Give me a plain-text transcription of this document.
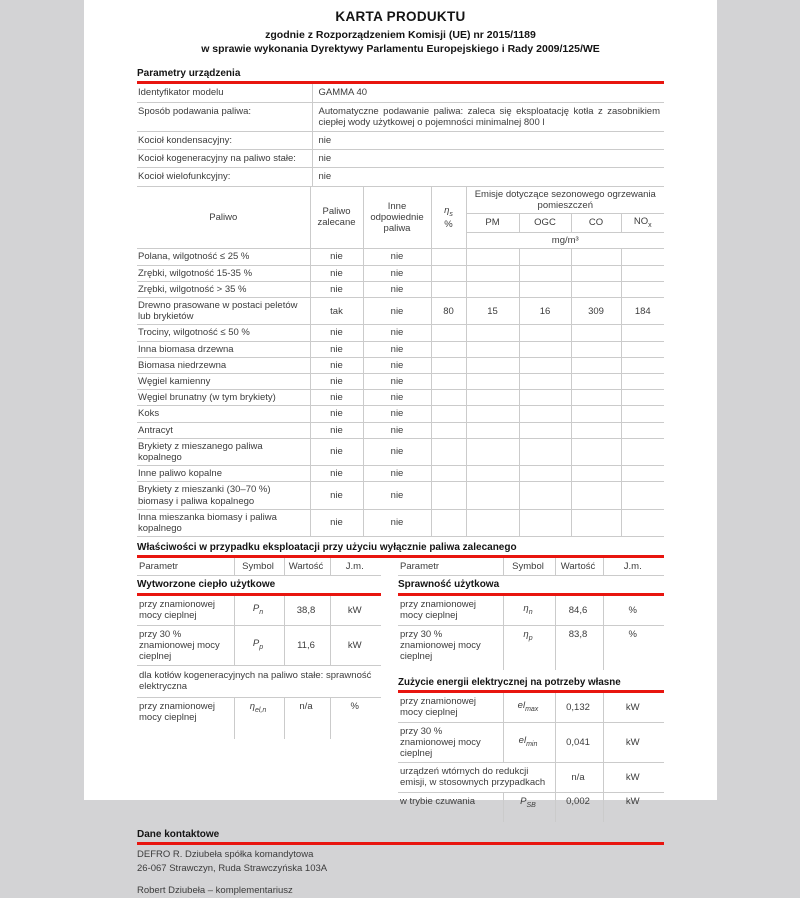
KARTA PRODUKTU
zgodnie z Rozporządzeniem Komisji (UE) nr 2015/1189
w sprawie wykonania Dyrektywy Parlamentu Europejskiego i Rady 2009/125/WE
Parametry urządzenia
Identyfikator modelu	GAMMA 40
Sposób podawania paliwa:	Automatyczne podawanie paliwa: zaleca się eksploatację kotła z zasobnikiem ciepłej wody użytkowej o pojemności minimalnej 800 l
Kocioł kondensacyjny:	nie
Kocioł kogeneracyjny na paliwo stałe:	nie
Kocioł wielofunkcyjny:	nie
Paliwo	Paliwo zalecane	Inne odpowiednie paliwa	$\eta_s$
%	Emisje dotyczące sezonowego ogrzewania pomieszczeń			
				PM	OGC	CO	$NO_x$
				mg/m³			
Polana, wilgotność ≤ 25 %	nie	nie					
Zrębki, wilgotność 15-35 %	nie	nie					
Zrębki, wilgotność > 35 %	nie	nie					
Drewno prasowane w postaci peletów lub brykietów	tak	nie	80	15	16	309	184
Trociny, wilgotność ≤ 50 %	nie	nie					
Inna biomasa drzewna	nie	nie					
Biomasa niedrzewna	nie	nie					
Węgiel kamienny	nie	nie					
Węgiel brunatny (w tym brykiety)	nie	nie					
Koks	nie	nie					
Antracyt	nie	nie					
Brykiety z mieszanego paliwa kopalnego	nie	nie					
Inne paliwo kopalne	nie	nie					
Brykiety z mieszanki (30–70 %) biomasy i paliwa kopalnego	nie	nie					
Inna mieszanka biomasy i paliwa kopalnego	nie	nie					
Właściwości w przypadku eksploatacji przy użyciu wyłącznie paliwa zalecanego
Parametr	Symbol	Wartość	J.m.
Wytworzone ciepło użytkowe			
przy znamionowej mocy cieplnej	$P_n$	38,8	kW
przy 30 % znamionowej mocy cieplnej	$P_p$	11,6	kW
dla kotłów kogeneracyjnych na paliwo stałe: sprawność elektryczna			
przy znamionowej mocy cieplnej	$\eta_{el,n}$	n/a	%
Parametr	Symbol	Wartość	J.m.
Sprawność użytkowa			
przy znamionowej mocy cieplnej	$\eta_n$	84,6	%
przy 30 % znamionowej mocy cieplnej	$\eta_p$	83,8	%
Zużycie energii elektrycznej na potrzeby własne
przy znamionowej mocy cieplnej	$el_{max}$	0,132	kW
przy 30 % znamionowej mocy cieplnej	$el_{min}$	0,041	kW
urządzeń wtórnych do redukcji emisji, w stosownych przypadkach		n/a	kW
w trybie czuwania	$P_{SB}$	0,002	kW
Dane kontaktowe
DEFRO R. Dziubeła spółka komandytowa
26-067 Strawczyn, Ruda Strawczyńska 103A
Robert Dziubeła – komplementariusz
